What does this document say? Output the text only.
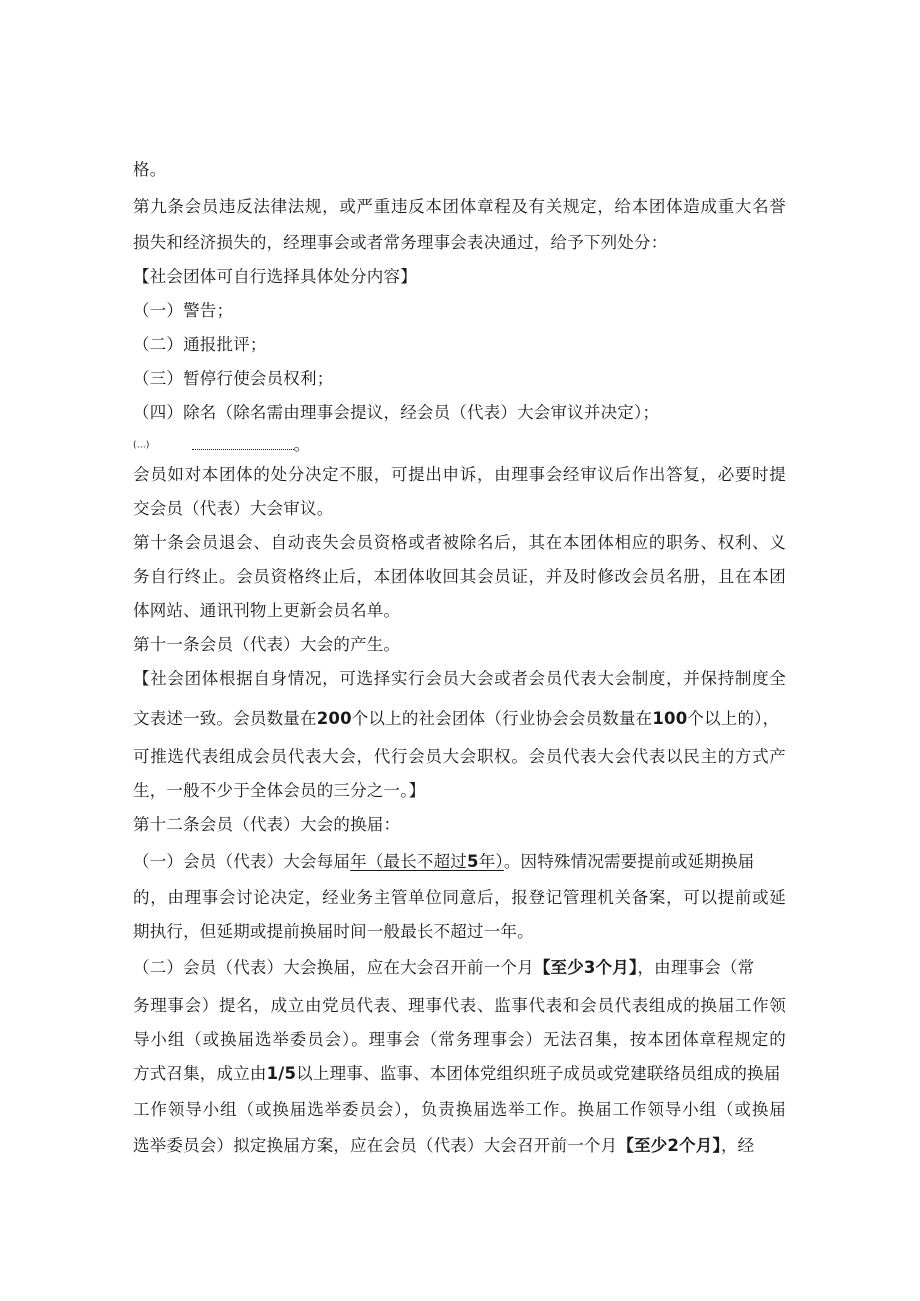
格。
第九条会员违反法律法规，或严重违反本团体章程及有关规定，给本团体造成重大名誉
损失和经济损失的，经理事会或者常务理事会表决通过，给予下列处分：
【社会团体可自行选择具体处分内容】
（一）警告；
（二）通报批评；
（三）暂停行使会员权利；
（四）除名（除名需由理事会提议，经会员（代表）大会审议并决定）；
(…)	。
会员如对本团体的处分决定不服，可提出申诉，由理事会经审议后作出答复，必要时提
交会员（代表）大会审议。
第十条会员退会、自动丧失会员资格或者被除名后，其在本团体相应的职务、权利、义
务自行终止。会员资格终止后，本团体收回其会员证，并及时修改会员名册，且在本团
体网站、通讯刊物上更新会员名单。
第十一条会员（代表）大会的产生。
【社会团体根据自身情况，可选择实行会员大会或者会员代表大会制度，并保持制度全
文表述一致。会员数量在200个以上的社会团体（行业协会会员数量在100个以上的），
可推选代表组成会员代表大会，代行会员大会职权。会员代表大会代表以民主的方式产
生，一般不少于全体会员的三分之一。】
第十二条会员（代表）大会的换届：
（一）会员（代表）大会每届年（最长不超过5年）。因特殊情况需要提前或延期换届
的，由理事会讨论决定，经业务主管单位同意后，报登记管理机关备案，可以提前或延
期执行，但延期或提前换届时间一般最长不超过一年。
（二）会员（代表）大会换届，应在大会召开前一个月【至少3个月】，由理事会（常
务理事会）提名，成立由党员代表、理事代表、监事代表和会员代表组成的换届工作领
导小组（或换届选举委员会）。理事会（常务理事会）无法召集，按本团体章程规定的
方式召集，成立由1/5以上理事、监事、本团体党组织班子成员或党建联络员组成的换届
工作领导小组（或换届选举委员会），负责换届选举工作。换届工作领导小组（或换届
选举委员会）拟定换届方案，应在会员（代表）大会召开前一个月【至少2个月】，经
